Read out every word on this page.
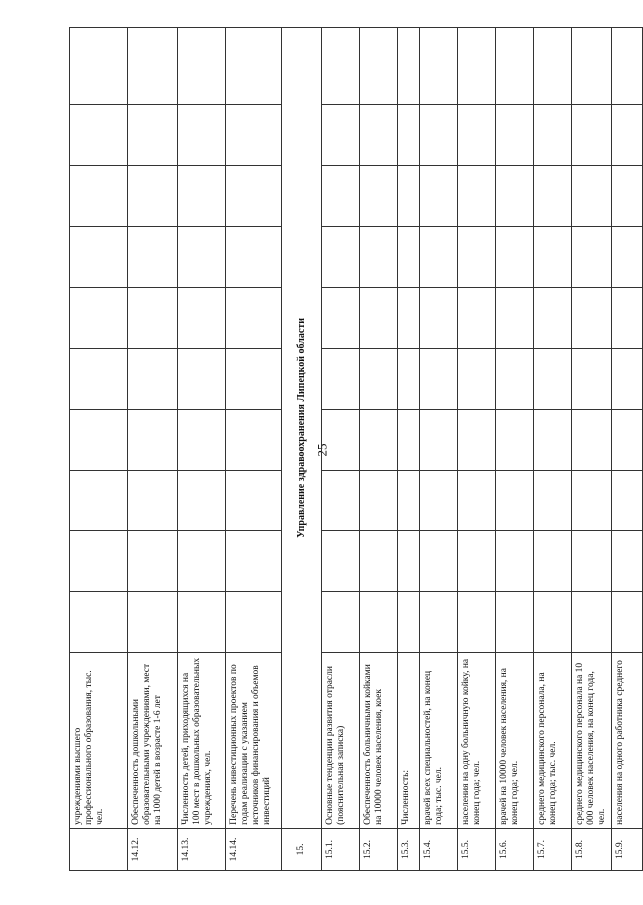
25
	учреждениями высшего профессионального образования, тыс. чел.										
14.12.	Обеспеченность дошкольными образовательными учреждениями, мест на 1000 детей в возрасте 1-6 лет										
14.13.	Численность детей, приходящихся на 100 мест в дошкольных образовательных учреждениях, чел.										
14.14.	Перечень инвестиционных проектов по годам реализации с указанием источников финансирования и объемов инвестиций										
15.	Управление здравоохранения Липецкой области										
15.1.	Основные тенденции развития отрасли (пояснительная записка)										
15.2.	Обеспеченность больничными койками на 10000 человек населения, коек										
15.3.	Численность:										
15.4.	врачей всех специальностей, на конец года; тыс. чел.										
15.5.	населения на одну больничную койку, на конец года; чел.										
15.6.	врачей на 10000 человек населения, на конец года; чел.										
15.7.	среднего медицинского персонала, на конец года; тыс. чел.										
15.8.	среднего медицинского персонала на 10 000 человек населения, на конец года, чел.										
15.9.	населения на одного работника среднего										
